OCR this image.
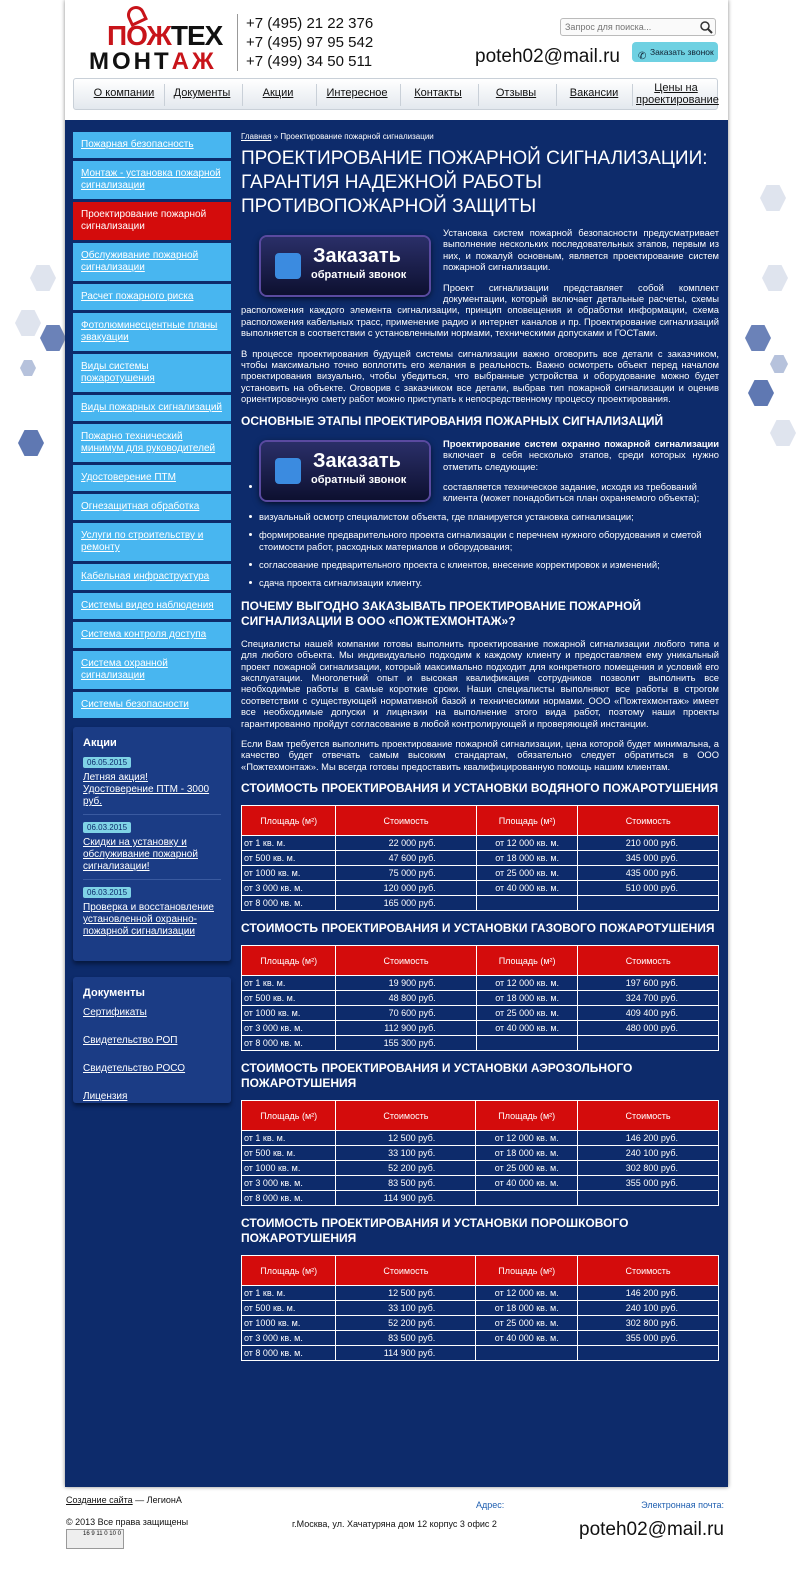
ПОЖТЕХ
МОНТАЖ
+7 (495) 21 22 376
+7 (495) 97 95 542
+7 (499) 34 50 511
Запрос для поиска...	poteh02@mail.ru ✆ Заказать звонок
О компании	Документы	Акции	Интересное	Контакты	Отзывы	Вакансии	Цены на проектирование
Пожарная безопасность
Монтаж - установка пожарной сигнализации
Проектирование пожарной сигнализации
Обслуживание пожарной сигнализации
Расчет пожарного риска
Фотолюминесцентные планы эвакуации
Виды системы пожаротушения
Виды пожарных сигнализаций
Пожарно технический минимум для руководителей
Удостоверение ПТМ
Огнезащитная обработка
Услуги по строительству и ремонту
Кабельная инфраструктура
Системы видео наблюдения
Система контроля доступа
Система охранной сигнализации
Системы безопасности
Акции
06.05.2015
Летняя акция! Удостоверение ПТМ - 3000 руб.
06.03.2015
Скидки на установку и обслуживание пожарной сигнализации!
06.03.2015
Проверка и восстановление установленной охранно-пожарной сигнализации
Документы
Сертификаты
Свидетельство РОП
Свидетельство РОСО
Лицензия
Главная » Проектирование пожарной сигнализации
ПРОЕКТИРОВАНИЕ ПОЖАРНОЙ СИГНАЛИЗАЦИИ: ГАРАНТИЯ НАДЕЖНОЙ РАБОТЫ ПРОТИВОПОЖАРНОЙ ЗАЩИТЫ
Заказать
обратный звонок

Установка систем пожарной безопасности предусматривает выполнение нескольких последовательных этапов, первым из них, и пожалуй основным, является проектирование систем пожарной сигнализации.

Проект сигнализации представляет собой комплект документации, который включает детальные расчеты, схемы расположения каждого элемента сигнализации, принцип оповещения и обработки информации, схема расположения кабельных трасс, применение радио и интернет каналов и пр. Проектирование сигнализаций выполняется в соответствии с установленными нормами, техническими допусками и ГОСТами.

В процессе проектирования будущей системы сигнализации важно оговорить все детали с заказчиком, чтобы максимально точно воплотить его желания в реальность. Важно осмотреть объект перед началом проектирования визуально, чтобы убедиться, что выбранные устройства и оборудование можно будет установить на объекте. Оговорив с заказчиком все детали, выбрав тип пожарной сигнализации и оценив ориентировочную смету работ можно приступать к непосредственному процессу проектирования.

ОСНОВНЫЕ ЭТАПЫ ПРОЕКТИРОВАНИЯ ПОЖАРНЫХ СИГНАЛИЗАЦИЙ
Заказать
обратный звонок

Проектирование систем охранно пожарной сигнализации включает в себя несколько этапов, среди которых нужно отметить следующие:

составляется техническое задание, исходя из требований клиента (может понадобиться план охраняемого объекта);
визуальный осмотр специалистом объекта, где планируется установка сигнализации;
формирование предварительного проекта сигнализации с перечнем нужного оборудования и сметой стоимости работ, расходных материалов и оборудования;
согласование предварительного проекта с клиентов, внесение корректировок и изменений;
сдача проекта сигнализации клиенту.
ПОЧЕМУ ВЫГОДНО ЗАКАЗЫВАТЬ ПРОЕКТИРОВАНИЕ ПОЖАРНОЙ СИГНАЛИЗАЦИИ В ООО «ПОЖТЕХМОНТАЖ»?

Специалисты нашей компании готовы выполнить проектирование пожарной сигнализации любого типа и для любого объекта. Мы индивидуально подходим к каждому клиенту и предоставляем ему уникальный проект пожарной сигнализации, который максимально подходит для конкретного помещения и условий его эксплуатации. Многолетний опыт и высокая квалификация сотрудников позволит выполнить все необходимые работы в самые короткие сроки. Наши специалисты выполняют все работы в строгом соответствии с существующей нормативной базой и техническими нормами. ООО «Пожтехмонтаж» имеет все необходимые допуски и лицензии на выполнение этого вида работ, поэтому наши проекты гарантированно пройдут согласование в любой контролирующей и проверяющей инстанции.

Если Вам требуется выполнить проектирование пожарной сигнализации, цена которой будет минимальна, а качество будет отвечать самым высоким стандартам, обязательно следует обратиться в ООО «Пожтехмонтаж». Мы всегда готовы предоставить квалифицированную помощь нашим клиентам.

СТОИМОСТЬ ПРОЕКТИРОВАНИЯ И УСТАНОВКИ ВОДЯНОГО ПОЖАРОТУШЕНИЯ
Площадь (м²)	Стоимость	Площадь (м²)	Стоимость
от 1 кв. м.	22 000 руб.	от 12 000 кв. м.	210 000 руб.
от 500 кв. м.	47 600 руб.	от 18 000 кв. м.	345 000 руб.
от 1000 кв. м.	75 000 руб.	от 25 000 кв. м.	435 000 руб.
от 3 000 кв. м.	120 000 руб.	от 40 000 кв. м.	510 000 руб.
от 8 000 кв. м.	165 000 руб.		
СТОИМОСТЬ ПРОЕКТИРОВАНИЯ И УСТАНОВКИ ГАЗОВОГО ПОЖАРОТУШЕНИЯ
Площадь (м²)	Стоимость	Площадь (м²)	Стоимость
от 1 кв. м.	19 900 руб.	от 12 000 кв. м.	197 600 руб.
от 500 кв. м.	48 800 руб.	от 18 000 кв. м.	324 700 руб.
от 1000 кв. м.	70 600 руб.	от 25 000 кв. м.	409 400 руб.
от 3 000 кв. м.	112 900 руб.	от 40 000 кв. м.	480 000 руб.
от 8 000 кв. м.	155 300 руб.		
СТОИМОСТЬ ПРОЕКТИРОВАНИЯ И УСТАНОВКИ АЭРОЗОЛЬНОГО ПОЖАРОТУШЕНИЯ
Площадь (м²)	Стоимость	Площадь (м²)	Стоимость
от 1 кв. м.	12 500 руб.	от 12 000 кв. м.	146 200 руб.
от 500 кв. м.	33 100 руб.	от 18 000 кв. м.	240 100 руб.
от 1000 кв. м.	52 200 руб.	от 25 000 кв. м.	302 800 руб.
от 3 000 кв. м.	83 500 руб.	от 40 000 кв. м.	355 000 руб.
от 8 000 кв. м.	114 900 руб.		
СТОИМОСТЬ ПРОЕКТИРОВАНИЯ И УСТАНОВКИ ПОРОШКОВОГО ПОЖАРОТУШЕНИЯ
Площадь (м²)	Стоимость	Площадь (м²)	Стоимость
от 1 кв. м.	12 500 руб.	от 12 000 кв. м.	146 200 руб.
от 500 кв. м.	33 100 руб.	от 18 000 кв. м.	240 100 руб.
от 1000 кв. м.	52 200 руб.	от 25 000 кв. м.	302 800 руб.
от 3 000 кв. м.	83 500 руб.	от 40 000 кв. м.	355 000 руб.
от 8 000 кв. м.	114 900 руб.		
Создание сайта — ЛегионА
© 2013 Все права защищены
16 9 11 0 10 0
Адрес:
г.Москва, ул. Хачатуряна дом 12 корпус 3 офис 2
Электронная почта:
poteh02@mail.ru
